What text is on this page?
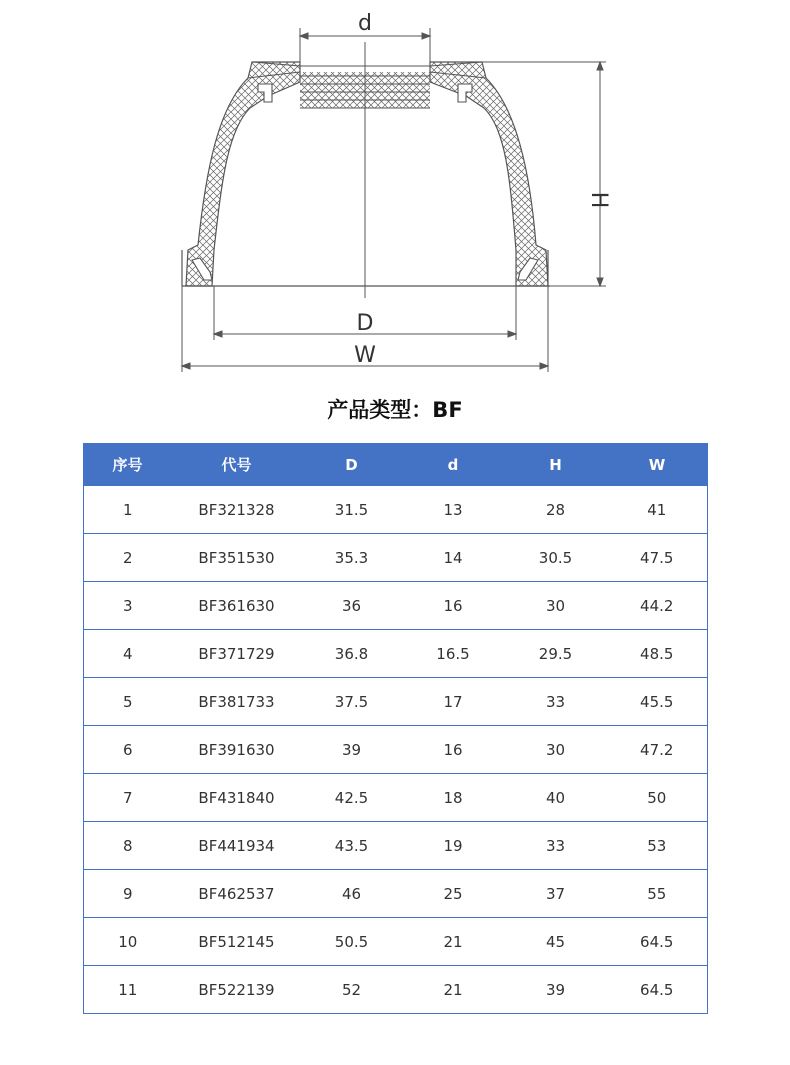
d
H
D
W
产品类型：BF
序号	代号	D	d	H	W
1	BF321328	31.5	13	28	41
2	BF351530	35.3	14	30.5	47.5
3	BF361630	36	16	30	44.2
4	BF371729	36.8	16.5	29.5	48.5
5	BF381733	37.5	17	33	45.5
6	BF391630	39	16	30	47.2
7	BF431840	42.5	18	40	50
8	BF441934	43.5	19	33	53
9	BF462537	46	25	37	55
10	BF512145	50.5	21	45	64.5
11	BF522139	52	21	39	64.5
